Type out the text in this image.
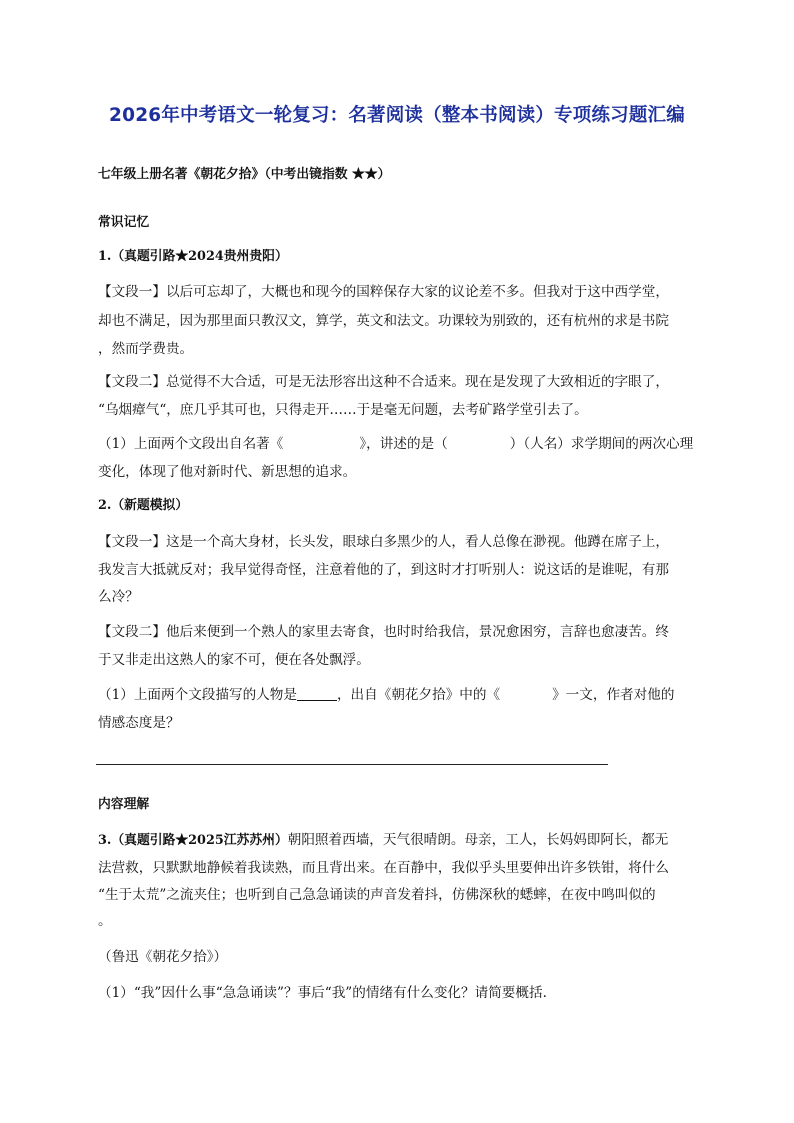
2026年中考语文一轮复习：名著阅读（整本书阅读）专项练习题汇编
七年级上册名著《朝花夕拾》（中考出镜指数 ★★）
常识记忆
1.（真题引路★2024贵州贵阳）
【文段一】以后可忘却了，大概也和现今的国粹保存大家的议论差不多。但我对于这中西学堂，
却也不满足，因为那里面只教汉文，算学，英文和法文。功课较为别致的，还有杭州的求是书院
，然而学费贵。
【文段二】总觉得不大合适，可是无法形容出这种不合适来。现在是发现了大致相近的字眼了，
“乌烟瘴气“，庶几乎其可也，只得走开……于是毫无问题，去考矿路学堂引去了。
（1）上面两个文段出自名著《	》，讲述的是（	）（人名）求学期间的两次心理
变化，体现了他对新时代、新思想的追求。
2.（新题模拟）
【文段一】这是一个高大身材，长头发，眼球白多黑少的人，看人总像在渺视。他蹲在席子上，
我发言大抵就反对；我早觉得奇怪，注意着他的了，到这时才打听别人：说这话的是谁呢，有那
么冷？
【文段二】他后来便到一个熟人的家里去寄食，也时时给我信，景况愈困穷，言辞也愈凄苦。终
于又非走出这熟人的家不可，便在各处飘浮。
（1）上面两个文段描写的人物是	，出自《朝花夕拾》中的《	》一文，作者对他的
情感态度是？
内容理解
3.（真题引路★2025江苏苏州）朝阳照着西墙，天气很晴朗。母亲，工人，长妈妈即阿长，都无
法营救，只默默地静候着我读熟，而且背出来。在百静中，我似乎头里要伸出许多铁钳，将什么
“生于太荒”之流夹住；也听到自己急急诵读的声音发着抖，仿佛深秋的蟋蟀，在夜中鸣叫似的
。
（鲁迅《朝花夕拾》）
（1）“我”因什么事“急急诵读”？事后“我”的情绪有什么变化？请简要概括.
